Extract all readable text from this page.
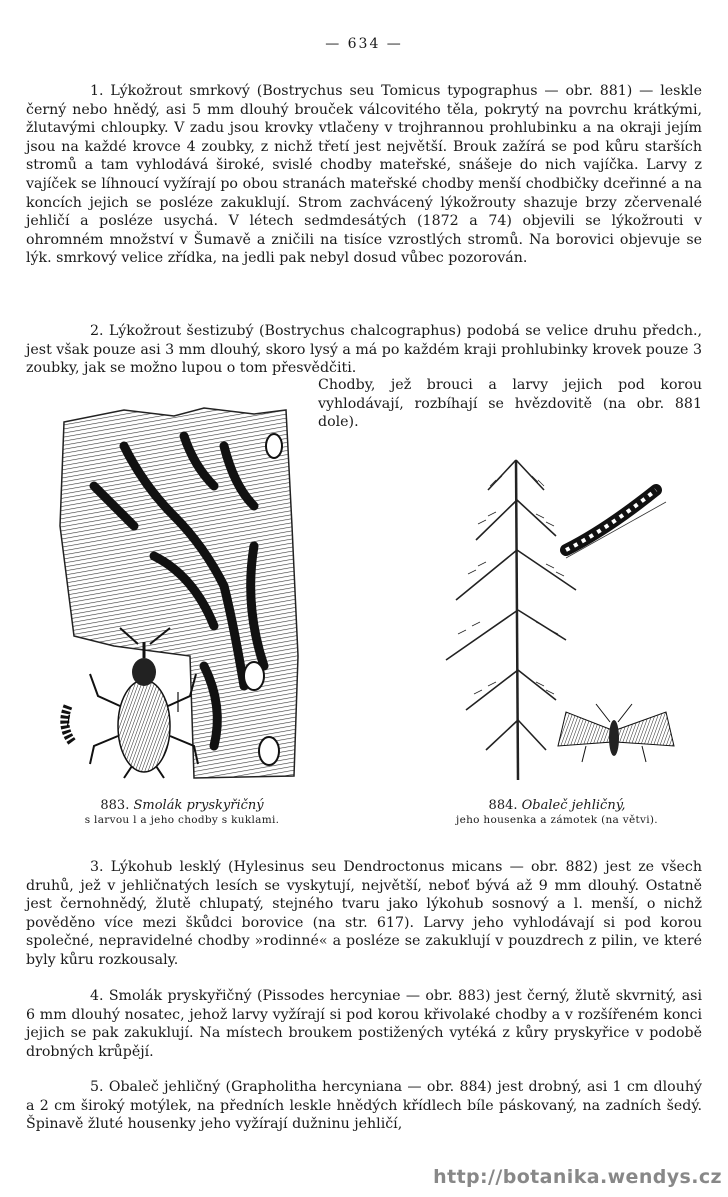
— 634 —
1. Lýkožrout smrkový (Bostrychus seu Tomicus typographus — obr. 881) — leskle černý nebo hnědý, asi 5 mm dlouhý brouček válcovitého těla, pokrytý na povrchu krátkými, žlutavými chloupky. V zadu jsou krovky vtlačeny v trojhrannou prohlubinku a na okraji jejím jsou na každé krovce 4 zoubky, z nichž třetí jest největší. Brouk zažírá se pod kůru starších stromů a tam vyhlodává široké, svislé chodby mateřské, snášeje do nich vajíčka. Larvy z vajíček se líhnoucí vyžírají po obou stranách mateřské chodby menší chodbičky dceřinné a na koncích jejich se posléze zakuklují. Strom zachvácený lýkožrouty shazuje brzy zčervenalé jehličí a posléze usychá. V létech sedmdesátých (1872 a 74) objevili se lýkožrouti v ohromném množství v Šumavě a zničili na tisíce vzrostlých stromů. Na borovici objevuje se lýk. smrkový velice zřídka, na jedli pak nebyl dosud vůbec pozorován.
2. Lýkožrout šestizubý (Bostrychus chalcographus) podobá se velice druhu předch., jest však pouze asi 3 mm dlouhý, skoro lysý a má po každém kraji prohlubinky krovek pouze 3 zoubky, jak se možno lupou o tom přesvědčiti.
Chodby, jež brouci a larvy jejich pod korou vyhlodávají, rozbíhají se hvězdovitě (na obr. 881 dole).
l
883. Smolák pryskyřičný
s larvou l a jeho chodby s kuklami.
884. Obaleč jehličný,
jeho housenka a zámotek (na větvi).
3. Lýkohub lesklý (Hylesinus seu Dendroctonus micans — obr. 882) jest ze všech druhů, jež v jehličnatých lesích se vyskytují, největší, neboť bývá až 9 mm dlouhý. Ostatně jest černohnědý, žlutě chlupatý, stejného tvaru jako lýkohub sosnový a l. menší, o nichž pověděno více mezi škůdci borovice (na str. 617). Larvy jeho vyhlodávají si pod korou společné, nepravidelné chodby »rodinné« a posléze se zakuklují v pouzdrech z pilin, ve které byly kůru rozkousaly.
4. Smolák pryskyřičný (Pissodes hercyniae — obr. 883) jest černý, žlutě skvrnitý, asi 6 mm dlouhý nosatec, jehož larvy vyžírají si pod korou křivolaké chodby a v rozšířeném konci jejich se pak zakuklují. Na místech broukem postižených vytéká z kůry pryskyřice v podobě drobných krůpějí.
5. Obaleč jehličný (Grapholitha hercyniana — obr. 884) jest drobný, asi 1 cm dlouhý a 2 cm široký motýlek, na předních leskle hnědých křídlech bíle páskovaný, na zadních šedý. Špinavě žluté housenky jeho vyžírají dužninu jehličí,
http://botanika.wendys.cz
